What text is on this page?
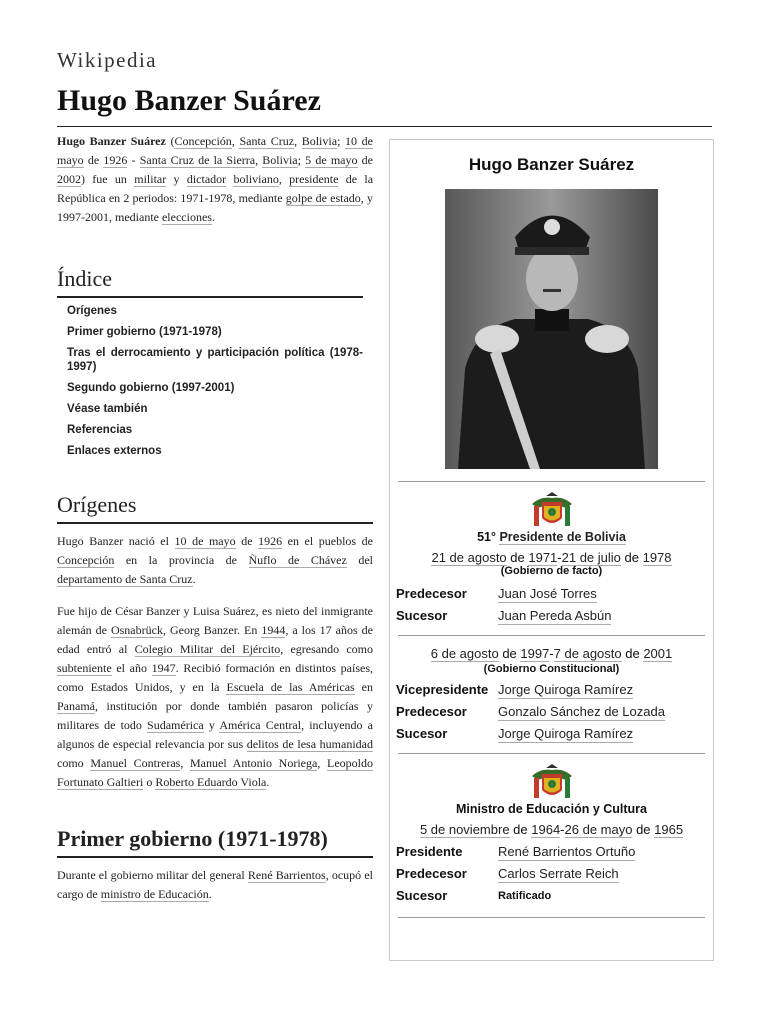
Wikipedia
Hugo Banzer Suárez

Hugo Banzer Suárez (Concepción, Santa Cruz, Bolivia; 10 de mayo de 1926 - Santa Cruz de la Sierra, Bolivia; 5 de mayo de 2002) fue un militar y dictador boliviano, presidente de la República en 2 periodos: 1971-1978, mediante golpe de estado, y 1997-2001, mediante elecciones.

Índice
Orígenes
Primer gobierno (1971-1978)
Tras el derrocamiento y participación política (1978-1997)
Segundo gobierno (1997-2001)
Véase también
Referencias
Enlaces externos
Orígenes

Hugo Banzer nació el 10 de mayo de 1926 en el pueblos de Concepción en la provincia de Ñuflo de Chávez del departamento de Santa Cruz.

Fue hijo de César Banzer y Luisa Suárez, es nieto del inmigrante alemán de Osnabrück, Georg Banzer. En 1944, a los 17 años de edad entró al Colegio Militar del Ejército, egresando como subteniente el año 1947. Recibió formación en distintos países, como Estados Unidos, y en la Escuela de las Américas en Panamá, institución por donde también pasaron policías y militares de todo Sudamérica y América Central, incluyendo a algunos de especial relevancia por sus delitos de lesa humanidad como Manuel Contreras, Manuel Antonio Noriega, Leopoldo Fortunato Galtieri o Roberto Eduardo Viola.

Primer gobierno (1971-1978)

Durante el gobierno militar del general René Barrientos, ocupó el cargo de ministro de Educación.

Hugo Banzer Suárez
51° Presidente de Bolivia
21 de agosto de 1971-21 de julio de 1978
(Gobierno de facto)
Predecesor	Juan José Torres
Sucesor	Juan Pereda Asbún
6 de agosto de 1997-7 de agosto de 2001
(Gobierno Constitucional)
Vicepresidente Jorge Quiroga Ramírez
Predecesor	Gonzalo Sánchez de Lozada
Sucesor	Jorge Quiroga Ramírez
Ministro de Educación y Cultura
5 de noviembre de 1964-26 de mayo de 1965
Presidente	René Barrientos Ortuño
Predecesor	Carlos Serrate Reich
Sucesor	Ratificado
